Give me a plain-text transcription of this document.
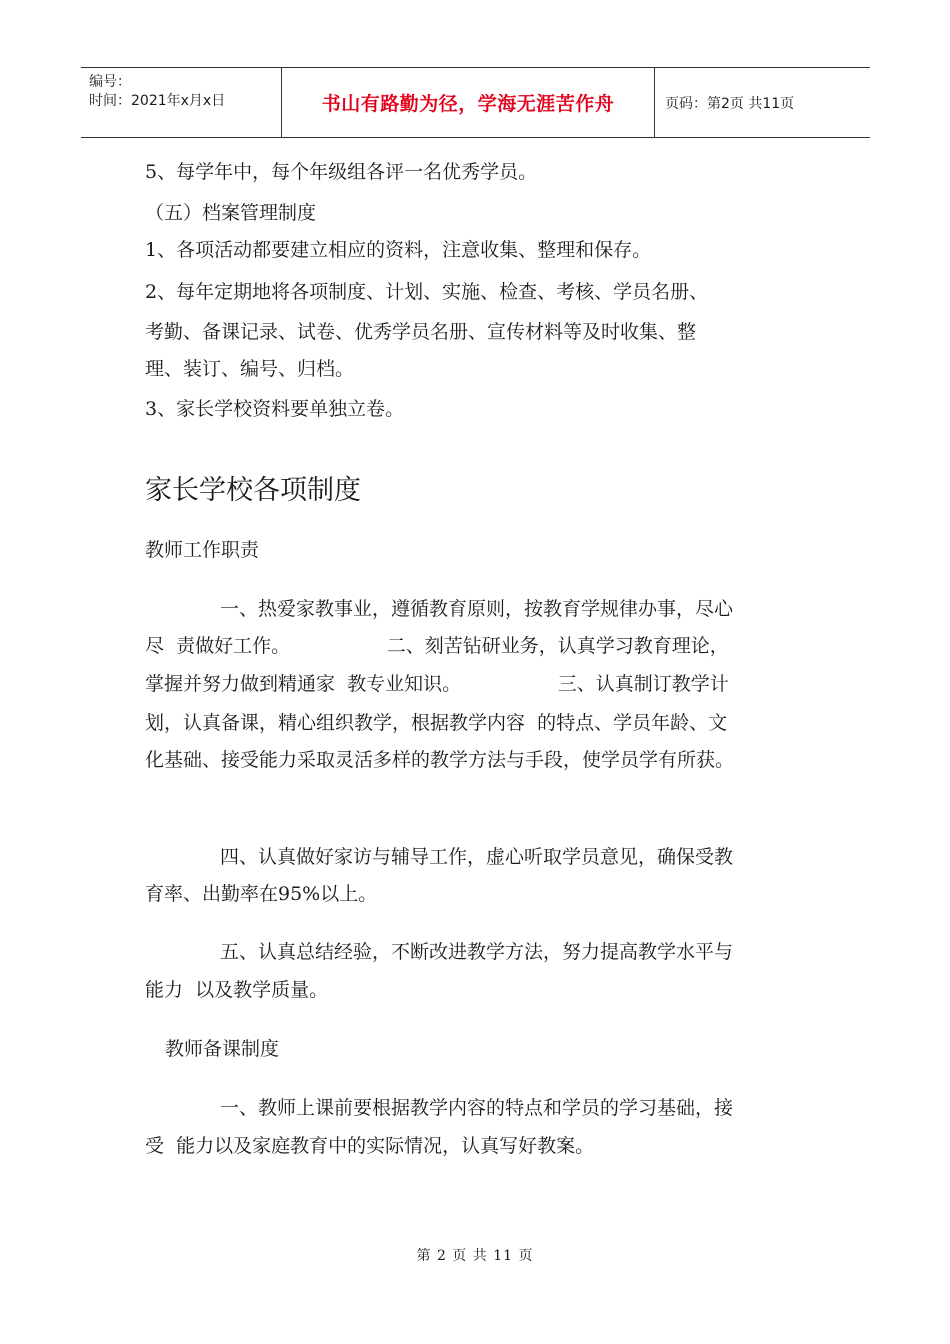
编号：
时间：2021年x月x日	书山有路勤为径，学海无涯苦作舟	页码：第2页 共11页
5、每学年中，每个年级组各评一名优秀学员。
（五）档案管理制度
1、各项活动都要建立相应的资料，注意收集、整理和保存。
2、每年定期地将各项制度、计划、实施、检查、考核、学员名册、
考勤、备课记录、试卷、优秀学员名册、宣传材料等及时收集、整
理、装订、编号、归档。
3、家长学校资料要单独立卷。
家长学校各项制度
教师工作职责
一、热爱家教事业，遵循教育原则，按教育学规律办事，尽心
尽  责做好工作。                二、刻苦钻研业务，认真学习教育理论，
掌握并努力做到精通家  教专业知识。                三、认真制订教学计
划，认真备课，精心组织教学，根据教学内容  的特点、学员年龄、文
化基础、接受能力采取灵活多样的教学方法与手段，使学员学有所获。
四、认真做好家访与辅导工作，虚心听取学员意见，确保受教
育率、出勤率在95%以上。
五、认真总结经验，不断改进教学方法，努力提高教学水平与
能力  以及教学质量。
教师备课制度
一、教师上课前要根据教学内容的特点和学员的学习基础，接
受  能力以及家庭教育中的实际情况，认真写好教案。
第 2 页 共 11 页
